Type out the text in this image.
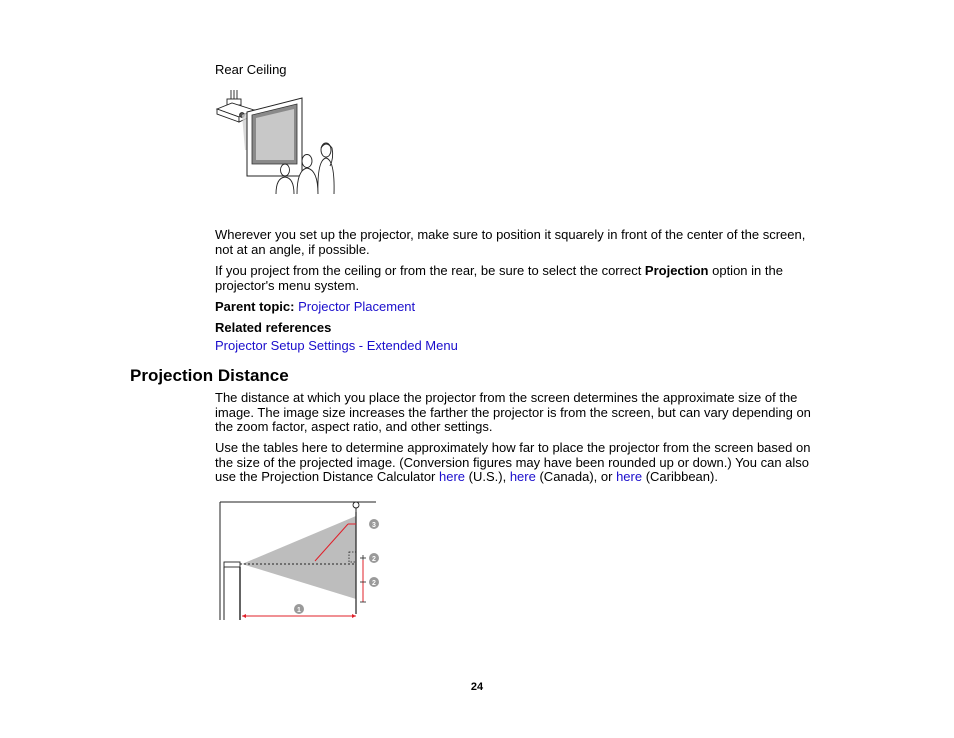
Rear Ceiling
Wherever you set up the projector, make sure to position it squarely in front of the center of the screen, not at an angle, if possible.
If you project from the ceiling or from the rear, be sure to select the correct Projection option in the projector's menu system.
Parent topic: Projector Placement
Related references
Projector Setup Settings - Extended Menu
Projection Distance
The distance at which you place the projector from the screen determines the approximate size of the image. The image size increases the farther the projector is from the screen, but can vary depending on the zoom factor, aspect ratio, and other settings.
Use the tables here to determine approximately how far to place the projector from the screen based on the size of the projected image. (Conversion figures may have been rounded up or down.) You can also use the Projection Distance Calculator here (U.S.), here (Canada), or here (Caribbean).
1
2
2
3
24
